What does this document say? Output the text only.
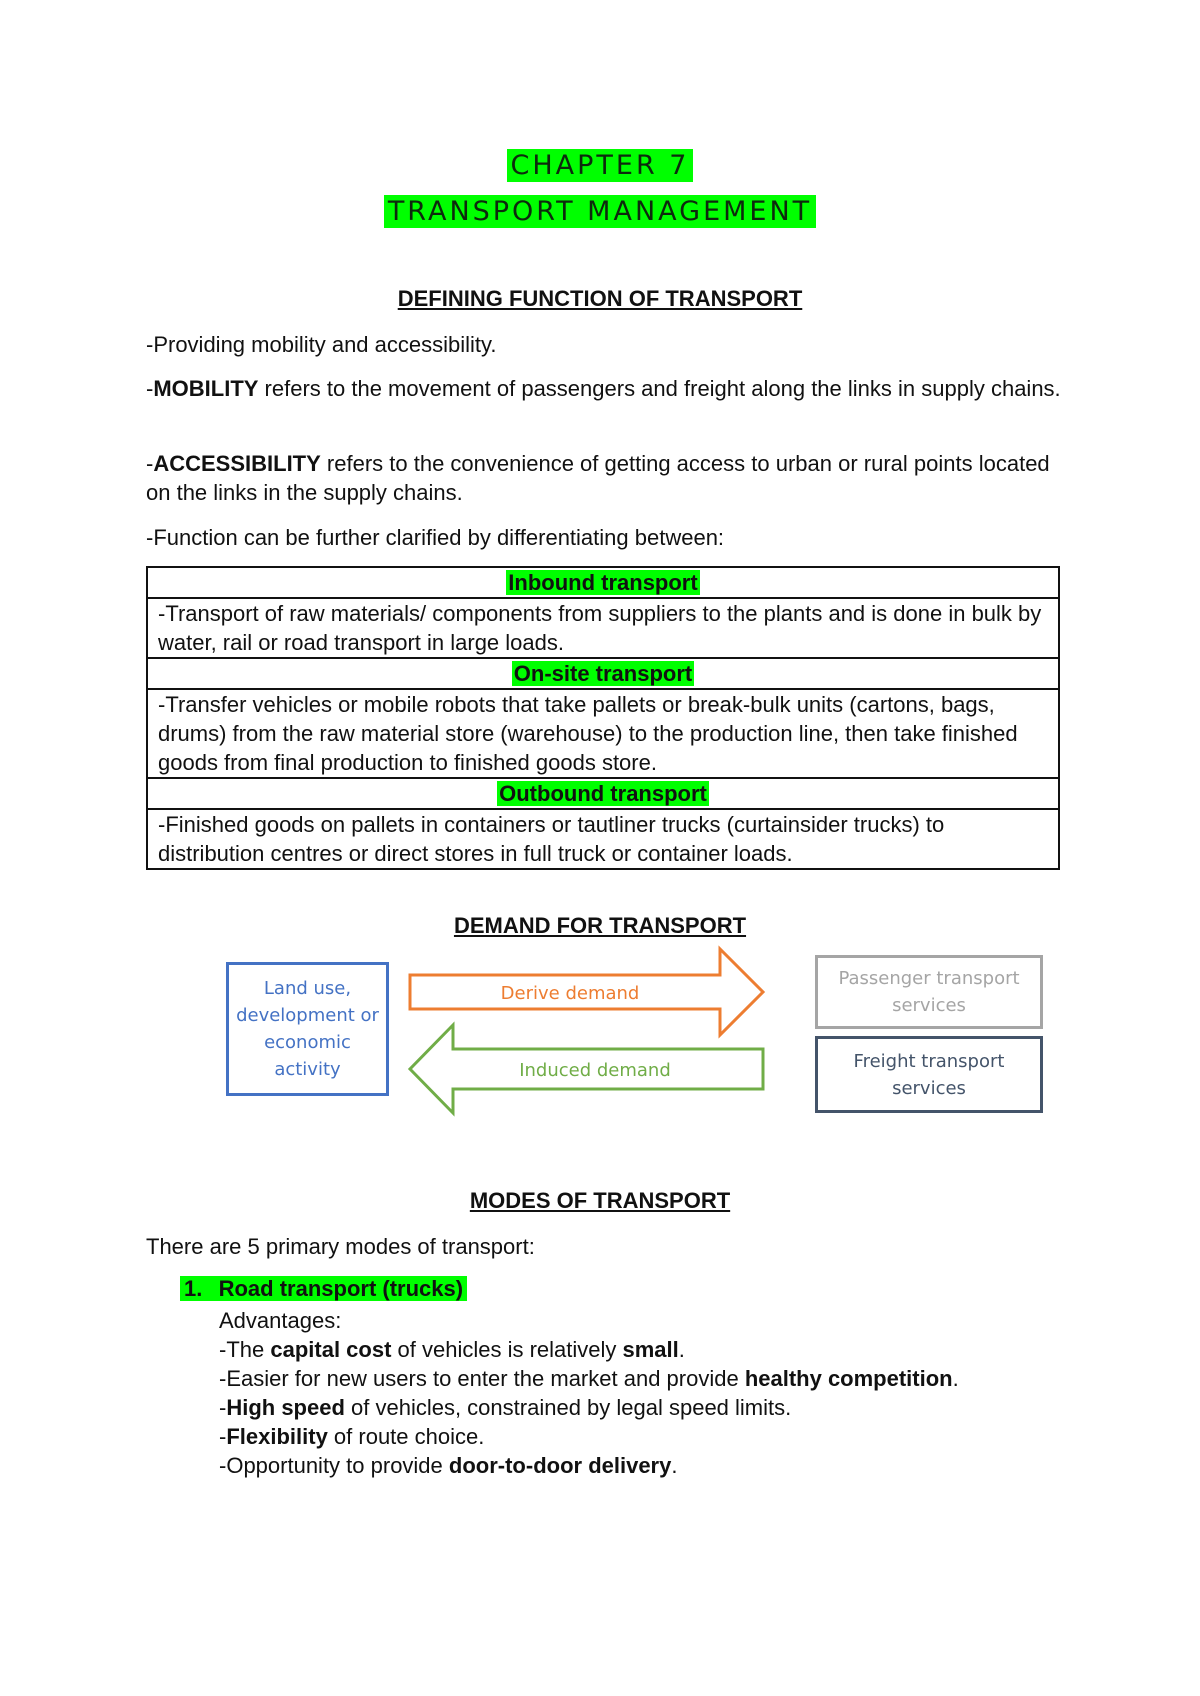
CHAPTER 7
TRANSPORT MANAGEMENT
DEFINING FUNCTION OF TRANSPORT
-Providing mobility and accessibility.
-MOBILITY refers to the movement of passengers and freight along the links in supply chains.
-ACCESSIBILITY refers to the convenience of getting access to urban or rural points located on the links in the supply chains.
-Function can be further clarified by differentiating between:
Inbound transport
-Transport of raw materials/ components from suppliers to the plants and is done in bulk by water, rail or road transport in large loads.
On-site transport
-Transfer vehicles or mobile robots that take pallets or break-bulk units (cartons, bags, drums) from the raw material store (warehouse) to the production line, then take finished goods from final production to finished goods store.
Outbound transport
-Finished goods on pallets in containers or tautliner trucks (curtainsider trucks) to distribution centres or direct stores in full truck or container loads.
DEMAND FOR TRANSPORT
Land use, development or economic activity
Derive demand
Induced demand
Passenger transport services
Freight transport services
MODES OF TRANSPORT
There are 5 primary modes of transport:
1. Road transport (trucks)
Advantages:
-The capital cost of vehicles is relatively small.
-Easier for new users to enter the market and provide healthy competition.
-High speed of vehicles, constrained by legal speed limits.
-Flexibility of route choice.
-Opportunity to provide door-to-door delivery.
